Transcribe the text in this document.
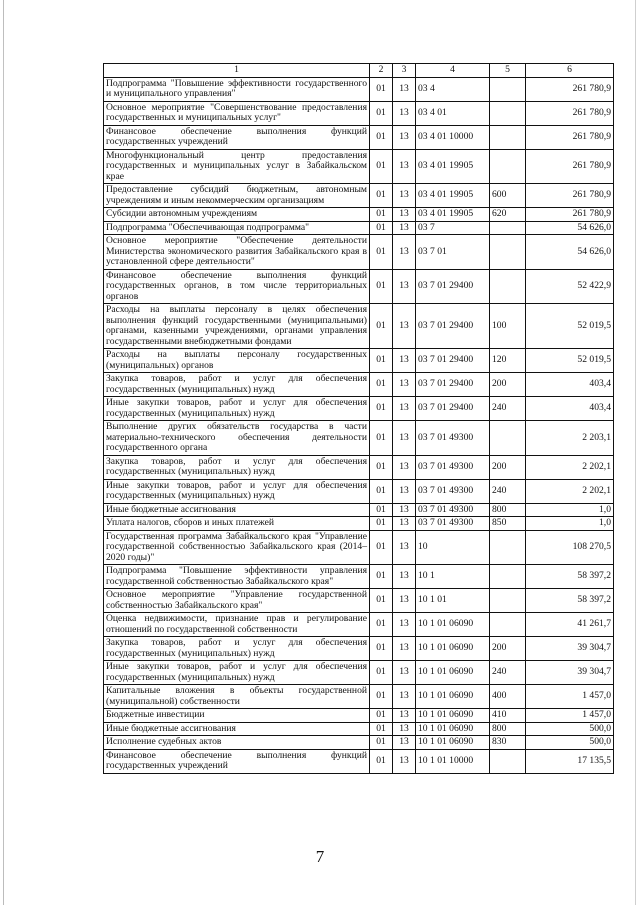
1	2	3	4	5	6
Подпрограмма "Повышение эффективности государственного и муниципального управления"	01	13	03 4		261 780,9
Основное мероприятие "Совершенствование предоставления государственных и муниципальных услуг"	01	13	03 4 01		261 780,9
Финансовое обеспечение выполнения функций государственных учреждений	01	13	03 4 01 10000		261 780,9
Многофункциональный центр предоставления государственных и муниципальных услуг в Забайкальском крае	01	13	03 4 01 19905		261 780,9
Предоставление субсидий бюджетным, автономным учреждениям и иным некоммерческим организациям	01	13	03 4 01 19905	600	261 780,9
Субсидии автономным учреждениям	01	13	03 4 01 19905	620	261 780,9
Подпрограмма "Обеспечивающая подпрограмма"	01	13	03 7		54 626,0
Основное мероприятие "Обеспечение деятельности Министерства экономического развития Забайкальского края в установленной сфере деятельности"	01	13	03 7 01		54 626,0
Финансовое обеспечение выполнения функций государственных органов, в том числе территориальных органов	01	13	03 7 01 29400		52 422,9
Расходы на выплаты персоналу в целях обеспечения выполнения функций государственными (муниципальными) органами, казенными учреждениями, органами управления государственными внебюджетными фондами	01	13	03 7 01 29400	100	52 019,5
Расходы на выплаты персоналу государственных (муниципальных) органов	01	13	03 7 01 29400	120	52 019,5
Закупка товаров, работ и услуг для обеспечения государственных (муниципальных) нужд	01	13	03 7 01 29400	200	403,4
Иные закупки товаров, работ и услуг для обеспечения государственных (муниципальных) нужд	01	13	03 7 01 29400	240	403,4
Выполнение других обязательств государства в части материально-технического обеспечения деятельности государственного органа	01	13	03 7 01 49300		2 203,1
Закупка товаров, работ и услуг для обеспечения государственных (муниципальных) нужд	01	13	03 7 01 49300	200	2 202,1
Иные закупки товаров, работ и услуг для обеспечения государственных (муниципальных) нужд	01	13	03 7 01 49300	240	2 202,1
Иные бюджетные ассигнования	01	13	03 7 01 49300	800	1,0
Уплата налогов, сборов и иных платежей	01	13	03 7 01 49300	850	1,0
Государственная программа Забайкальского края "Управление государственной собственностью Забайкальского края (2014–2020 годы)"	01	13	10		108 270,5
Подпрограмма "Повышение эффективности управления государственной собственностью Забайкальского края"	01	13	10 1		58 397,2
Основное мероприятие "Управление государственной собственностью Забайкальского края"	01	13	10 1 01		58 397,2
Оценка недвижимости, признание прав и регулирование отношений по государственной собственности	01	13	10 1 01 06090		41 261,7
Закупка товаров, работ и услуг для обеспечения государственных (муниципальных) нужд	01	13	10 1 01 06090	200	39 304,7
Иные закупки товаров, работ и услуг для обеспечения государственных (муниципальных) нужд	01	13	10 1 01 06090	240	39 304,7
Капитальные вложения в объекты государственной (муниципальной) собственности	01	13	10 1 01 06090	400	1 457,0
Бюджетные инвестиции	01	13	10 1 01 06090	410	1 457,0
Иные бюджетные ассигнования	01	13	10 1 01 06090	800	500,0
Исполнение судебных актов	01	13	10 1 01 06090	830	500,0
Финансовое обеспечение выполнения функций государственных учреждений	01	13	10 1 01 10000		17 135,5
7
